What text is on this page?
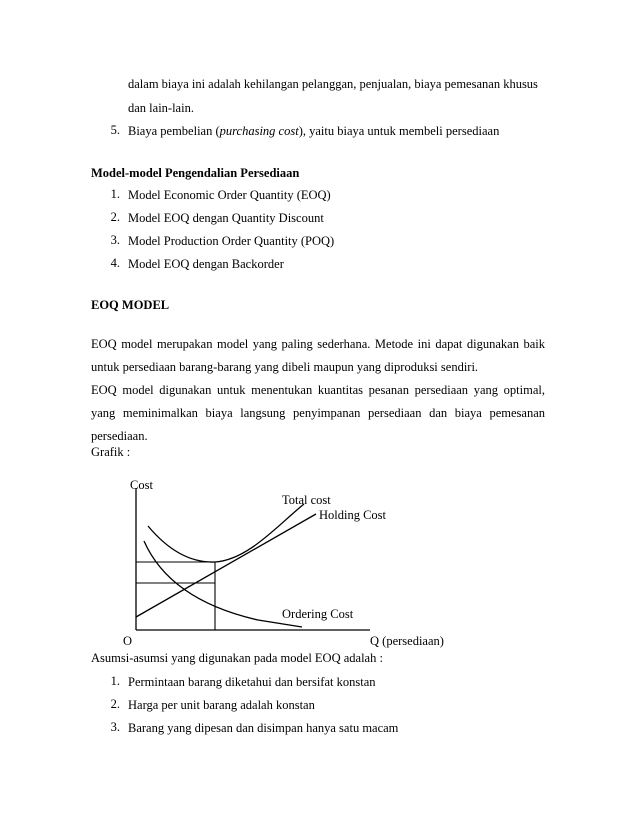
dalam biaya ini adalah kehilangan pelanggan, penjualan, biaya pemesanan khusus
dan lain-lain.
5. Biaya pembelian (purchasing cost), yaitu biaya untuk membeli persediaan
Model-model Pengendalian Persediaan
1. Model Economic Order Quantity (EOQ)
2. Model EOQ dengan Quantity Discount
3. Model Production Order Quantity (POQ)
4. Model EOQ dengan Backorder
EOQ MODEL
EOQ model merupakan model yang paling sederhana. Metode ini dapat digunakan baik
untuk persediaan barang-barang yang dibeli maupun yang diproduksi sendiri.
EOQ model digunakan untuk menentukan kuantitas pesanan persediaan yang optimal,
yang meminimalkan biaya langsung penyimpanan persediaan dan biaya pemesanan
persediaan.
Grafik :
Cost
Total cost
Holding Cost
Ordering Cost
O	Q (persediaan)
Asumsi-asumsi yang digunakan pada model EOQ adalah :
1. Permintaan barang diketahui dan bersifat konstan
2. Harga per unit barang adalah konstan
3. Barang yang dipesan dan disimpan hanya satu macam
